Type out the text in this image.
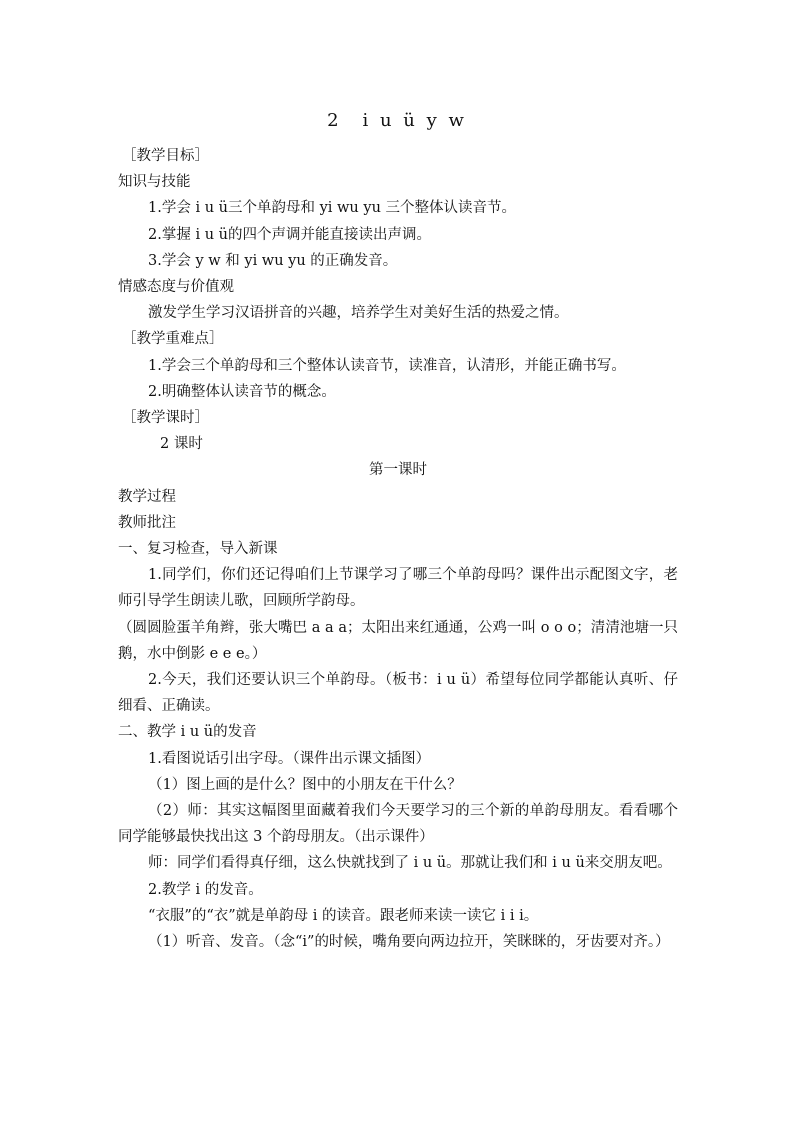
2　i u ü y w
［教学目标］
知识与技能
1.学会 i u ü三个单韵母和 yi wu yu 三个整体认读音节。
2.掌握 i u ü的四个声调并能直接读出声调。
3.学会 y w 和 yi wu yu 的正确发音。
情感态度与价值观
激发学生学习汉语拼音的兴趣，培养学生对美好生活的热爱之情。
［教学重难点］
1.学会三个单韵母和三个整体认读音节，读准音，认清形，并能正确书写。
2.明确整体认读音节的概念。
［教学课时］
2 课时
第一课时
教学过程
教师批注
一、复习检查，导入新课
1.同学们，你们还记得咱们上节课学习了哪三个单韵母吗？课件出示配图文字，老师引导学生朗读儿歌，回顾所学韵母。
（圆圆脸蛋羊角辫，张大嘴巴 a a a；太阳出来红通通，公鸡一叫 o o o；清清池塘一只鹅，水中倒影 e e e。）
2.今天，我们还要认识三个单韵母。（板书：i u ü）希望每位同学都能认真听、仔细看、正确读。
二、教学 i u ü的发音
1.看图说话引出字母。（课件出示课文插图）
（1）图上画的是什么？图中的小朋友在干什么？
（2）师：其实这幅图里面藏着我们今天要学习的三个新的单韵母朋友。看看哪个同学能够最快找出这 3 个韵母朋友。（出示课件）
师：同学们看得真仔细，这么快就找到了 i u ü。那就让我们和 i u ü来交朋友吧。
2.教学 i 的发音。
“衣服”的“衣”就是单韵母 i 的读音。跟老师来读一读它 i i i。
（1）听音、发音。（念“i”的时候，嘴角要向两边拉开，笑眯眯的，牙齿要对齐。）
